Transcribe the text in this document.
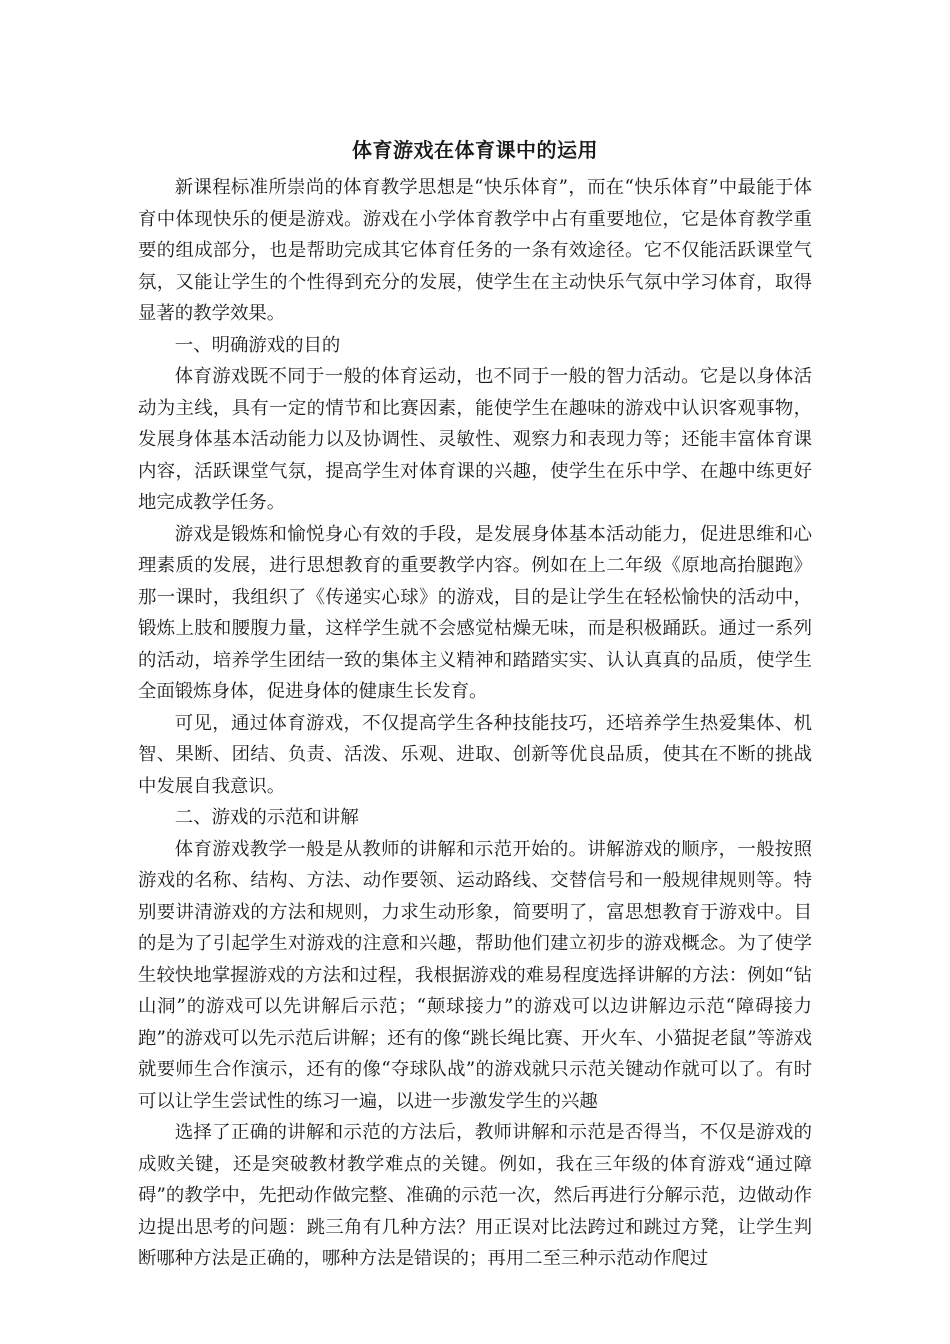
体育游戏在体育课中的运用

新课程标准所崇尚的体育教学思想是“快乐体育”，而在“快乐体育”中最能于体育中体现快乐的便是游戏。游戏在小学体育教学中占有重要地位，它是体育教学重要的组成部分，也是帮助完成其它体育任务的一条有效途径。它不仅能活跃课堂气氛，又能让学生的个性得到充分的发展，使学生在主动快乐气氛中学习体育，取得显著的教学效果。

一、明确游戏的目的

体育游戏既不同于一般的体育运动，也不同于一般的智力活动。它是以身体活动为主线，具有一定的情节和比赛因素，能使学生在趣味的游戏中认识客观事物，发展身体基本活动能力以及协调性、灵敏性、观察力和表现力等；还能丰富体育课内容，活跃课堂气氛，提高学生对体育课的兴趣，使学生在乐中学、在趣中练更好地完成教学任务。

游戏是锻炼和愉悦身心有效的手段，是发展身体基本活动能力，促进思维和心理素质的发展，进行思想教育的重要教学内容。例如在上二年级《原地高抬腿跑》那一课时，我组织了《传递实心球》的游戏，目的是让学生在轻松愉快的活动中，锻炼上肢和腰腹力量，这样学生就不会感觉枯燥无味，而是积极踊跃。通过一系列的活动，培养学生团结一致的集体主义精神和踏踏实实、认认真真的品质，使学生全面锻炼身体，促进身体的健康生长发育。

可见，通过体育游戏，不仅提高学生各种技能技巧，还培养学生热爱集体、机智、果断、团结、负责、活泼、乐观、进取、创新等优良品质，使其在不断的挑战中发展自我意识。

二、游戏的示范和讲解

体育游戏教学一般是从教师的讲解和示范开始的。讲解游戏的顺序，一般按照游戏的名称、结构、方法、动作要领、运动路线、交替信号和一般规律规则等。特别要讲清游戏的方法和规则，力求生动形象，简要明了，富思想教育于游戏中。目的是为了引起学生对游戏的注意和兴趣，帮助他们建立初步的游戏概念。为了使学生较快地掌握游戏的方法和过程，我根据游戏的难易程度选择讲解的方法：例如“钻山洞”的游戏可以先讲解后示范；“颠球接力”的游戏可以边讲解边示范“障碍接力跑”的游戏可以先示范后讲解；还有的像“跳长绳比赛、开火车、小猫捉老鼠”等游戏就要师生合作演示，还有的像“夺球队战”的游戏就只示范关键动作就可以了。有时可以让学生尝试性的练习一遍，以进一步激发学生的兴趣

选择了正确的讲解和示范的方法后，教师讲解和示范是否得当，不仅是游戏的成败关键，还是突破教材教学难点的关键。例如，我在三年级的体育游戏“通过障碍”的教学中，先把动作做完整、准确的示范一次，然后再进行分解示范，边做动作边提出思考的问题：跳三角有几种方法？用正误对比法跨过和跳过方凳，让学生判断哪种方法是正确的，哪种方法是错误的；再用二至三种示范动作爬过
